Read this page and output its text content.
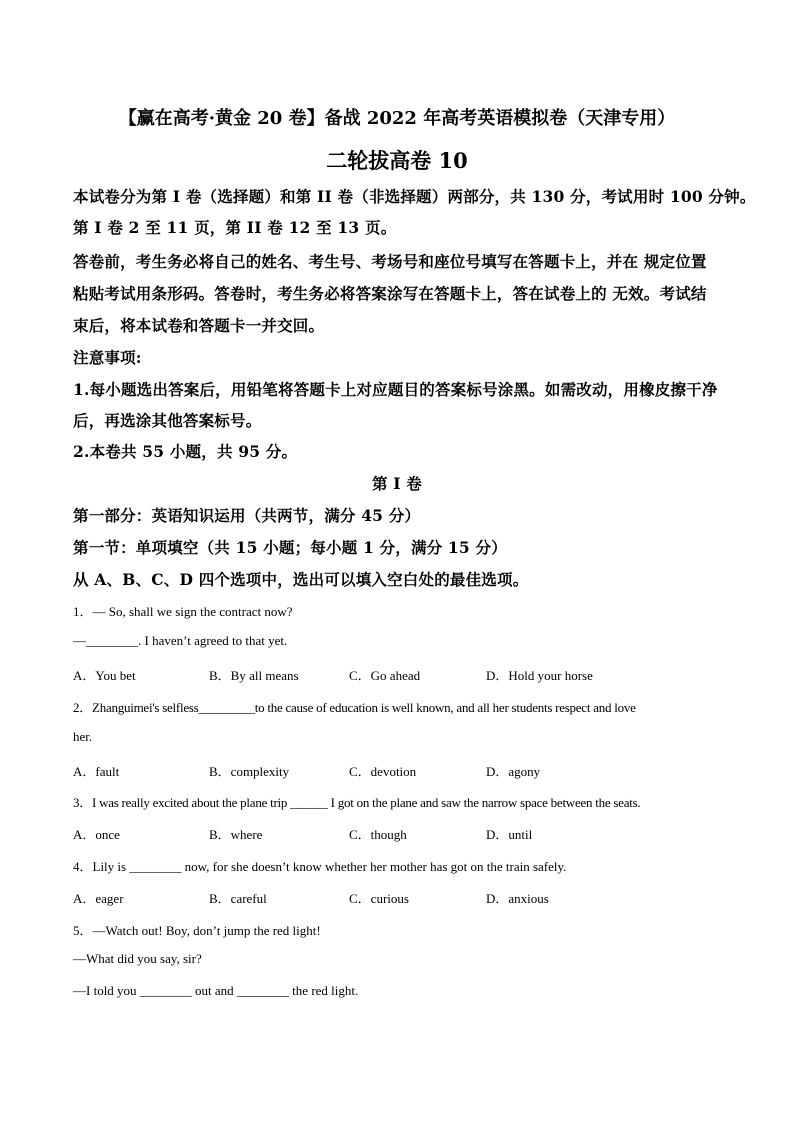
【赢在高考·黄金 20 卷】备战 2022 年高考英语模拟卷（天津专用）
二轮拔高卷 10
本试卷分为第 I 卷（选择题）和第 II 卷（非选择题）两部分，共 130 分，考试用时 100 分钟。
第 I 卷 2 至 11 页，第 II 卷 12 至 13 页。
答卷前，考生务必将自己的姓名、考生号、考场号和座位号填写在答题卡上，并在 规定位置
粘贴考试用条形码。答卷时，考生务必将答案涂写在答题卡上，答在试卷上的 无效。考试结
束后，将本试卷和答题卡一并交回。
注意事项:
1.每小题选出答案后，用铅笔将答题卡上对应题目的答案标号涂黑。如需改动，用橡皮擦干净
后，再选涂其他答案标号。
2.本卷共 55 小题，共 95 分。
第 I 卷
第一部分：英语知识运用（共两节，满分 45 分）
第一节：单项填空（共 15 小题；每小题 1 分，满分 15 分）
从 A、B、C、D 四个选项中，选出可以填入空白处的最佳选项。
1．— So, shall we sign the contract now?
—________. I haven’t agreed to that yet.
A．You bet	B．By all means	C．Go ahead	D．Hold your horse
2．Zhanguimei's selfless_________to the cause of education is well known, and all her students respect and love
her.
A．fault	B．complexity	C．devotion	D．agony
3．I was really excited about the plane trip ______ I got on the plane and saw the narrow space between the seats.
A．once	B．where	C．though	D．until
4．Lily is ________ now, for she doesn’t know whether her mother has got on the train safely.
A．eager	B．careful	C．curious	D．anxious
5．—Watch out! Boy, don’t jump the red light!
—What did you say, sir?
—I told you ________ out and ________ the red light.
